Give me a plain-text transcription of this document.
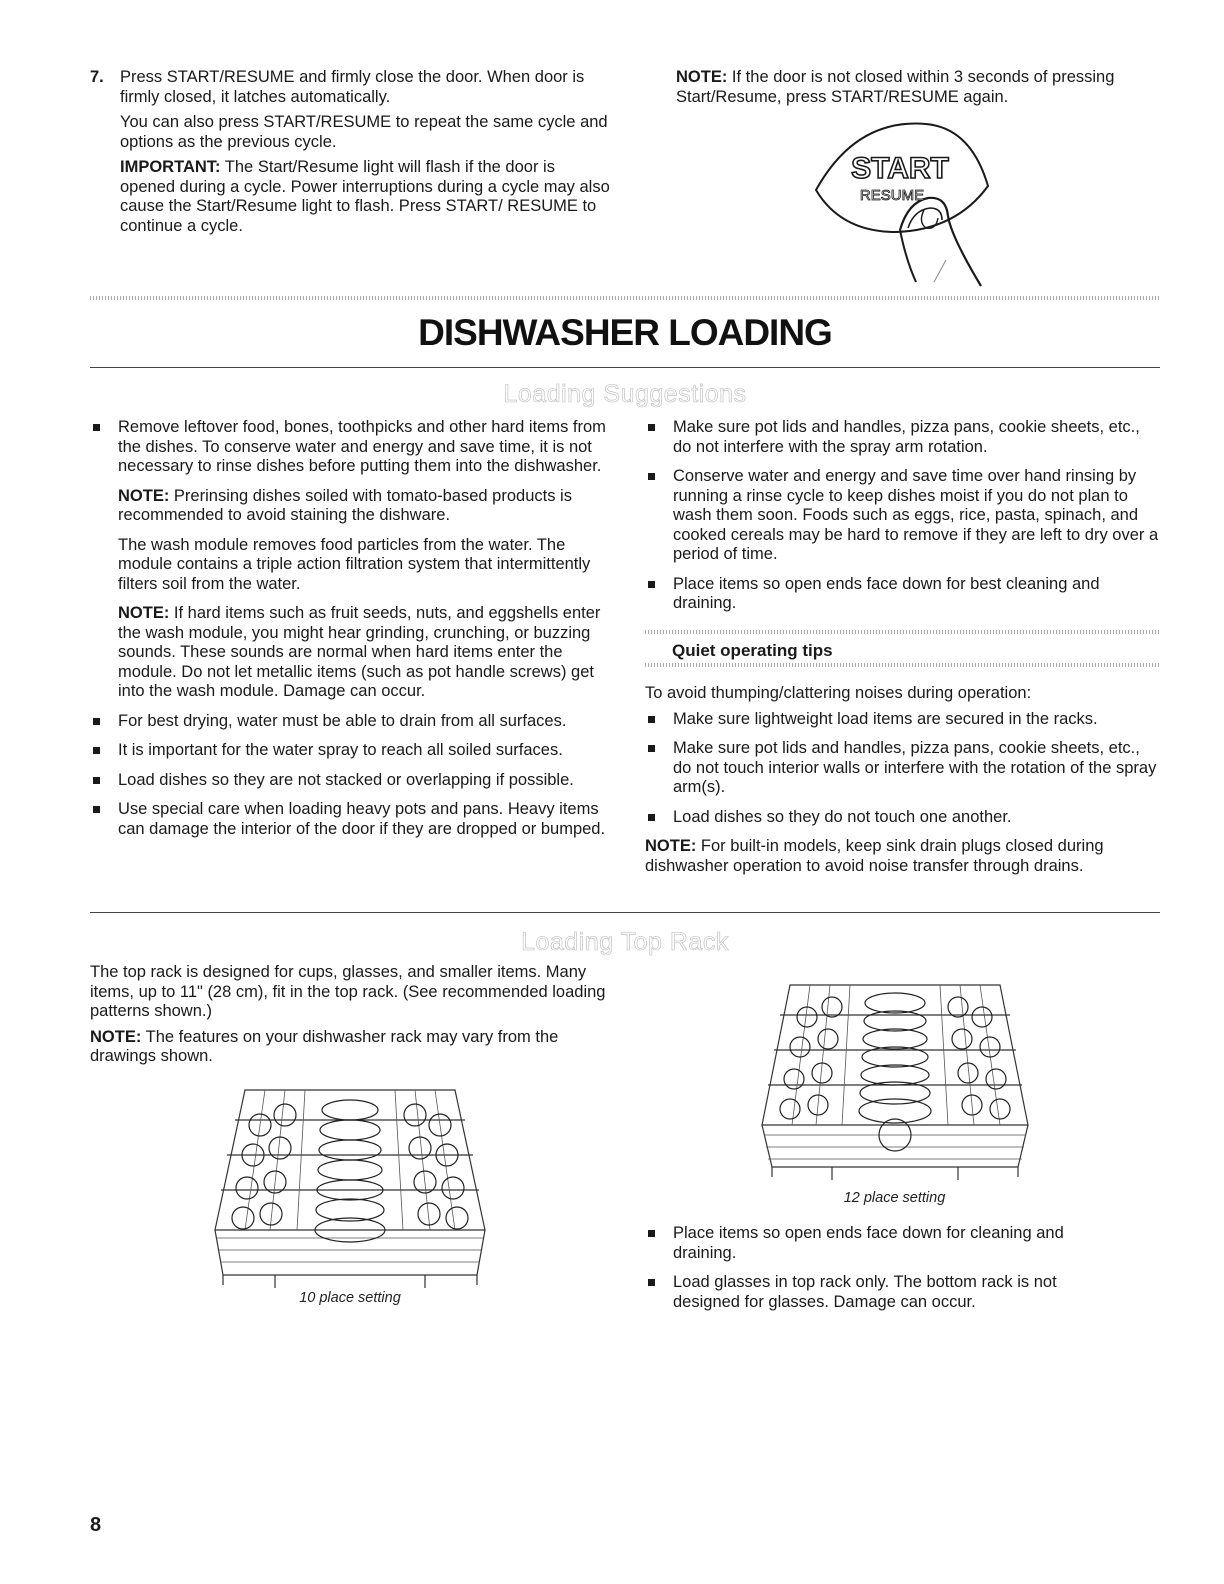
7. Press START/RESUME and firmly close the door. When door is firmly closed, it latches automatically.

You can also press START/RESUME to repeat the same cycle and options as the previous cycle.

IMPORTANT: The Start/Resume light will flash if the door is opened during a cycle. Power interruptions during a cycle may also cause the Start/Resume light to flash. Press START/ RESUME to continue a cycle.

NOTE: If the door is not closed within 3 seconds of pressing Start/Resume, press START/RESUME again.

START
RESUME
DISHWASHER LOADING
Loading Suggestions

Remove leftover food, bones, toothpicks and other hard items from the dishes. To conserve water and energy and save time, it is not necessary to rinse dishes before putting them into the dishwasher.

NOTE: Prerinsing dishes soiled with tomato-based products is recommended to avoid staining the dishware.

The wash module removes food particles from the water. The module contains a triple action filtration system that intermittently filters soil from the water.

NOTE: If hard items such as fruit seeds, nuts, and eggshells enter the wash module, you might hear grinding, crunching, or buzzing sounds. These sounds are normal when hard items enter the module. Do not let metallic items (such as pot handle screws) get into the wash module. Damage can occur.

For best drying, water must be able to drain from all surfaces.

It is important for the water spray to reach all soiled surfaces.

Load dishes so they are not stacked or overlapping if possible.

Use special care when loading heavy pots and pans. Heavy items can damage the interior of the door if they are dropped or bumped.

Make sure pot lids and handles, pizza pans, cookie sheets, etc., do not interfere with the spray arm rotation.

Conserve water and energy and save time over hand rinsing by running a rinse cycle to keep dishes moist if you do not plan to wash them soon. Foods such as eggs, rice, pasta, spinach, and cooked cereals may be hard to remove if they are left to dry over a period of time.

Place items so open ends face down for best cleaning and draining.

Quiet operating tips

To avoid thumping/clattering noises during operation:

Make sure lightweight load items are secured in the racks.

Make sure pot lids and handles, pizza pans, cookie sheets, etc., do not touch interior walls or interfere with the rotation of the spray arm(s).

Load dishes so they do not touch one another.

NOTE: For built-in models, keep sink drain plugs closed during dishwasher operation to avoid noise transfer through drains.

Loading Top Rack

The top rack is designed for cups, glasses, and smaller items. Many items, up to 11" (28 cm), fit in the top rack. (See recommended loading patterns shown.)

NOTE: The features on your dishwasher rack may vary from the drawings shown.

10 place setting
12 place setting

Place items so open ends face down for cleaning and draining.

Load glasses in top rack only. The bottom rack is not designed for glasses. Damage can occur.

8
